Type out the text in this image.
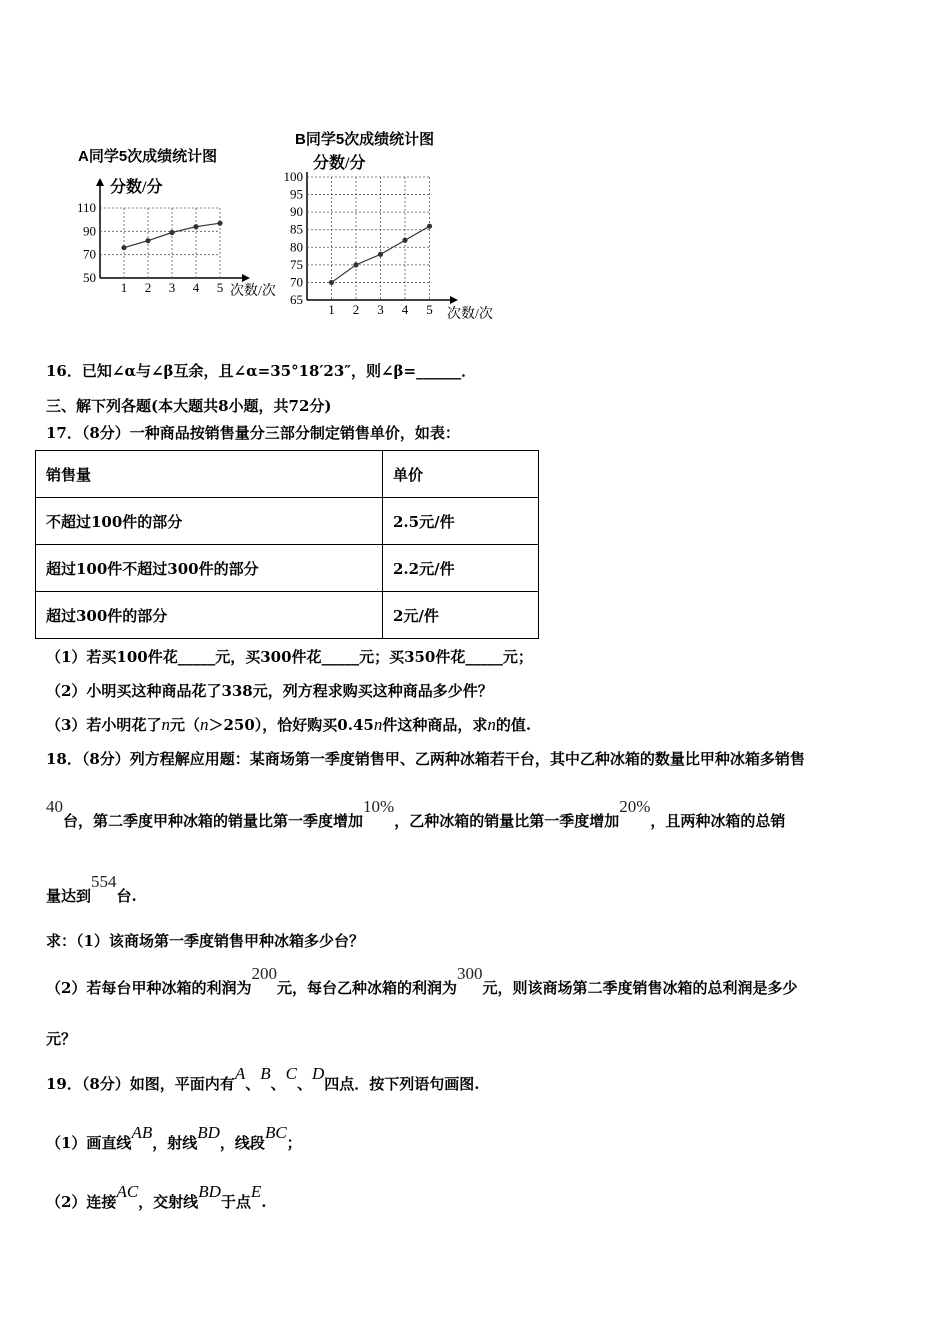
A同学5次成绩统计图
分数/分
50
70
90
110
1 2 3 4 5 次数/次
B同学5次成绩统计图
分数/分
65
70
75
80
85
90
95
100
1 2 3 4 5 次数/次
16．已知∠α与∠β互余，且∠α=35°18′23″，则∠β=______．
三、解下列各题(本大题共8小题，共72分)
17．（8分）一种商品按销售量分三部分制定销售单价，如表：
销售量	单价
不超过100件的部分	2.5元/件
超过100件不超过300件的部分	2.2元/件
超过300件的部分	2元/件
（1）若买100件花_____元，买300件花_____元；买350件花_____元；
（2）小明买这种商品花了338元，列方程求购买这种商品多少件？
（3）若小明花了n元（n＞250），恰好购买0.45n件这种商品，求n的值.
18．（8分）列方程解应用题：某商场第一季度销售甲、乙两种冰箱若干台，其中乙种冰箱的数量比甲种冰箱多销售
40台，第二季度甲种冰箱的销量比第一季度增加10%，乙种冰箱的销量比第一季度增加20%，且两种冰箱的总销
量达到554台.
求：（1）该商场第一季度销售甲种冰箱多少台？
（2）若每台甲种冰箱的利润为200元，每台乙种冰箱的利润为300元，则该商场第二季度销售冰箱的总利润是多少
元？
19．（8分）如图，平面内有A、B、C、D四点．按下列语句画图.
（1）画直线AB，射线BD，线段BC；
（2）连接AC，交射线BD于点E.
